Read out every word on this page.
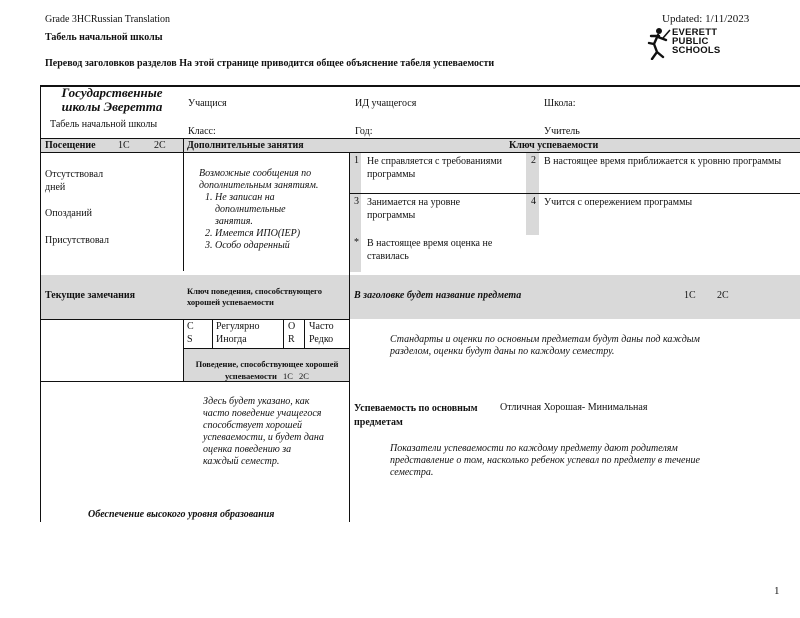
Grade 3HCRussian Translation	Updated: 1/11/2023
Табель начальной школы
Перевод заголовков разделов На этой странице приводится общее объяснение табеля успеваемости
EVERETT
PUBLIC
SCHOOLS
Государственные
школы Эверетта
Табель начальной школы
Учащися
Класс:
ИД учащегося
Год:
Школа:
Учитель
Посещение 1С 2С Дополнительные занятия	Ключ успеваемости
Отсутствовал дней
Опозданий
Присутствовал
Возможные сообщения по дополнительным занятиям.
1. Не записан на дополнительные занятия.
2. Имеется ИПО(IEP)
3. Особо одаренный
1 Не справляется с требованиями программы
2 В настоящее время приближается к уровню программы
3 Занимается на уровне программы
4 Учится с опережением программы
* В настоящее время оценка не ставилась
Текущие замечания	Ключ поведения, способствующего хорошей успеваемости
В заголовке будет название предмета	1С 2С
C Регулярно	O Часто
S Иногда	R Редко
Поведение, способствующее хорошей успеваемости 1С 2С
Здесь будет указано, как часто поведение учащегося способствует хорошей успеваемости, и будет дана оценка поведению за каждый семестр.
Обеспечение высокого уровня образования
Стандарты и оценки по основным предметам будут даны под каждым разделом, оценки будут даны по каждому семестру.
Успеваемость по основным предметам
Отличная Хорошая- Минимальная
Показатели успеваемости по каждому предмету дают родителям представление о том, насколько ребенок успевал по предмету в течение семестра.
1
